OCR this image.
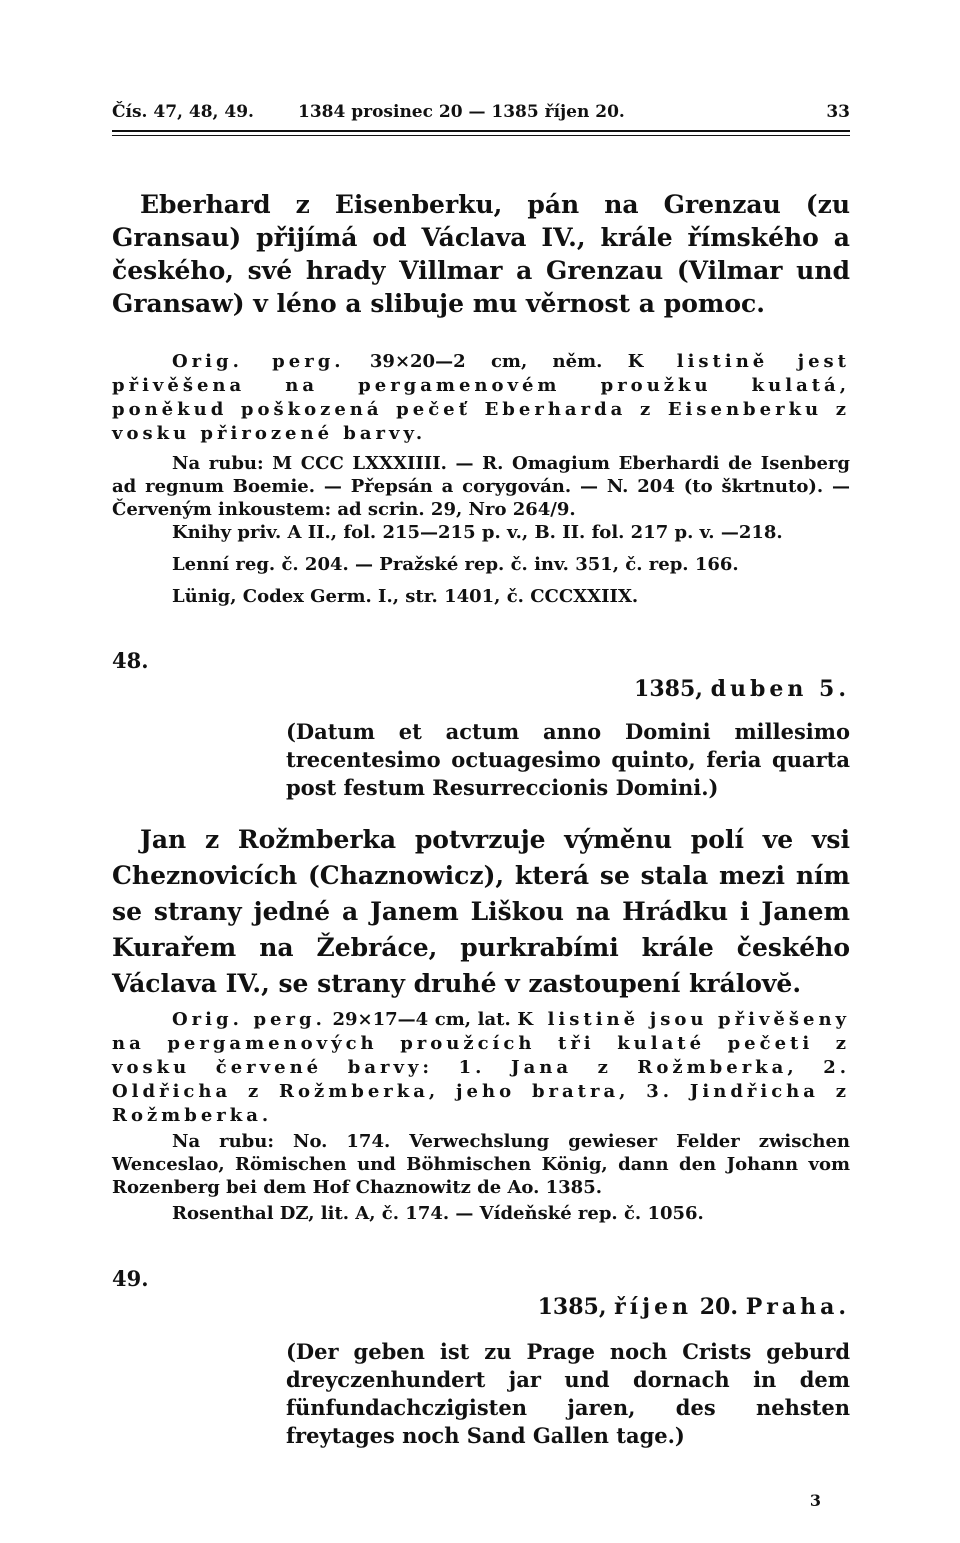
Čís. 47, 48, 49.	1384 prosinec 20 — 1385 říjen 20.	33
Eberhard z Eisenberku, pán na Grenzau (zu Gransau) přijímá od Václava IV., krále římského a českého, své hrady Villmar a Grenzau (Vilmar und Gransaw) v léno a slibuje mu věrnost a pomoc.
Orig. perg. 39×20—2 cm, něm. K listině jest přivěšena na pergamenovém proužku kulatá, poněkud poškozená pečeť Eberharda z Eisenberku z vosku přirozené barvy.
Na rubu: M CCC LXXXIIII. — R. Omagium Eberhardi de Isenberg ad regnum Boemie. — Přepsán a corygován. — N. 204 (to škrtnuto). — Červeným inkoustem: ad scrin. 29, Nro 264/9.
Knihy priv. A II., fol. 215—215 p. v., B. II. fol. 217 p. v. —218.
Lenní reg. č. 204. — Pražské rep. č. inv. 351, č. rep. 166.
Lünig, Codex Germ. I., str. 1401, č. CCCXXIIX.
48.
1385, duben 5.
(Datum et actum anno Domini millesimo trecentesimo octuagesimo quinto, feria quarta post festum Resurreccionis Domini.)
Jan z Rožmberka potvrzuje výměnu polí ve vsi Cheznovicích (Chaznowicz), která se stala mezi ním se strany jedné a Janem Liškou na Hrádku i Janem Kurařem na Žebráce, purkrabími krále českého Václava IV., se strany druhé v zastoupení královĕ.
Orig. perg. 29×17—4 cm, lat. K listině jsou přivěšeny na pergamenových proužcích tři kulaté pečeti z vosku červené barvy: 1. Jana z Rožmberka, 2. Oldřicha z Rožmberka, jeho bratra, 3. Jindřicha z Rožmberka.
Na rubu: No. 174. Verwechslung gewieser Felder zwischen Wenceslao, Römischen und Böhmischen König, dann den Johann vom Rozenberg bei dem Hof Chaznowitz de Ao. 1385.
Rosenthal DZ, lit. A, č. 174. — Vídeňské rep. č. 1056.
49.
1385, říjen 20. Praha.
(Der geben ist zu Prage noch Crists geburd dreyczenhundert jar und dornach in dem fünfundachczigisten jaren, des nehsten freytages noch Sand Gallen tage.)
3
